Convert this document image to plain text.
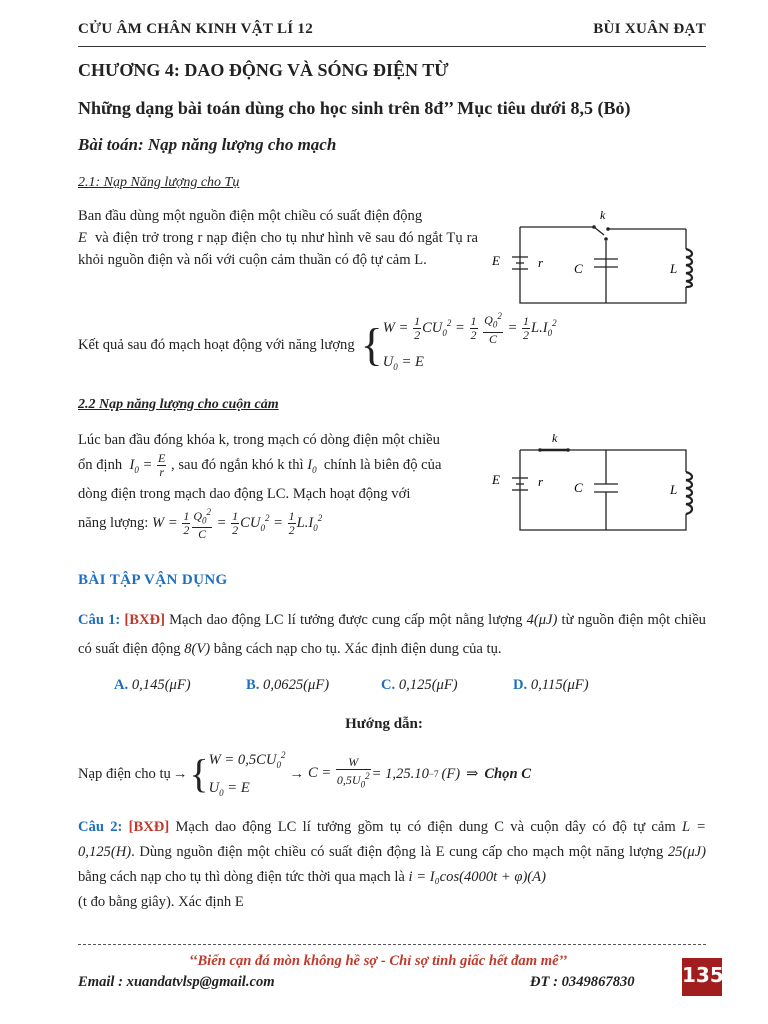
CỬU ÂM CHÂN KINH VẬT LÍ 12	BÙI XUÂN ĐẠT
CHƯƠNG 4: DAO ĐỘNG VÀ SÓNG ĐIỆN TỪ
Những dạng bài toán dùng cho học sinh trên 8đ’’ Mục tiêu dưới 8,5 (Bỏ)
Bài toán: Nạp năng lượng cho mạch
2.1: Nạp Năng lượng cho Tụ
Ban đầu dùng một nguồn điện một chiều có suất điện động
E và điện trở trong r nạp điện cho tụ như hình vẽ sau đó ngắt Tụ ra khỏi nguồn điện và nối với cuộn cảm thuần có độ tự cảm L.
k
E	r C	L
Kết quả sau đó mạch hoạt động với năng lượng { $W = \frac{1}{2} CU_0^2 = \frac{1}{2}$
$\frac{Q_0^2}{C} = \frac{1}{2} L.I_0^2$
$U_0 = E$
2.2 Nạp năng lượng cho cuộn cảm
Lúc ban đầu đóng khóa k, trong mạch có dòng điện một chiều
ổn định $I_0 = \frac{E}{r}$ , sau đó ngắn khó k thì $I_0$ chính là biên độ của
dòng điện trong mạch dao động LC. Mạch hoạt động với
năng lượng: $W = \frac{1}{2} \frac{Q_0^2}{C} = \frac{1}{2} CU_0^2 = \frac{1}{2} L.I_0^2$
k
E	r C	L
BÀI TẬP VẬN DỤNG
Câu 1: [BXĐ] Mạch dao động LC lí tưởng được cung cấp một nằng lượng 4(μJ) từ nguồn điện một chiều có suất điện động 8(V) bằng cách nạp cho tụ. Xác định điện dung của tụ.
A. 0,145(μF)	B. 0,0625(μF)	C. 0,125(μF)	D. 0,115(μF)
Hướng dẫn:
Nạp điện cho tụ → { $W = 0,5CU_0^2$
$U_0 = E$
→ $C = \frac{W}{0,5U_0^2} = 1,25.10 -7$ (F) ⇒ Chọn C
Câu 2: [BXĐ] Mạch dao động LC lí tưởng gồm tụ có điện dung C và cuộn dây có độ tự cảm L = 0,125(H). Dùng nguồn điện một chiều có suất điện động là E cung cấp cho mạch một năng lượng 25(μJ) bằng cách nạp cho tụ thì dòng điện tức thời qua mạch là i = I₀cos(4000t + φ)(A)
(t đo bằng giây). Xác định E
‘‘Biển cạn đá mòn không hề sợ - Chỉ sợ tỉnh giấc hết đam mê’’
Email : xuandatvlsp@gmail.com	ĐT : 0349867830 135
